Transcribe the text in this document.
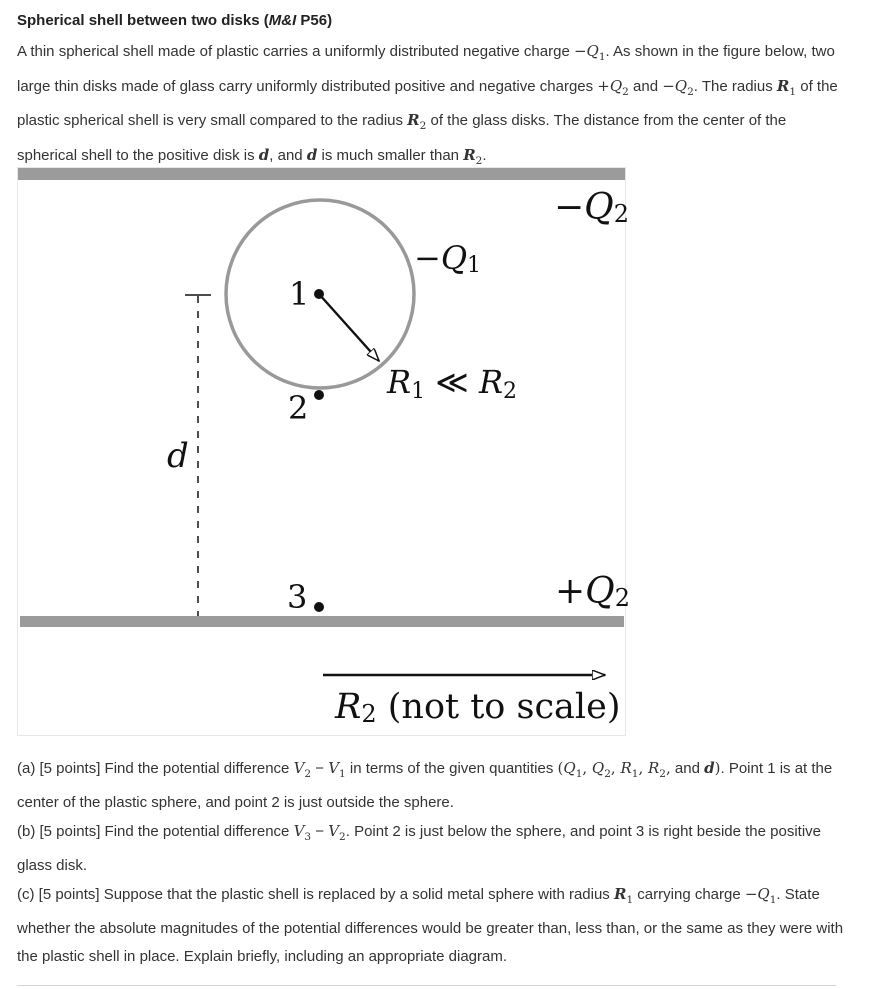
Spherical shell between two disks (M&I P56)
A thin spherical shell made of plastic carries a uniformly distributed negative charge $-Q_1$. As shown in the figure below, two large thin disks made of glass carry uniformly distributed positive and negative charges $+Q_2$ and $-Q_2$. The radius $R_1$ of the plastic spherical shell is very small compared to the radius $R_2$ of the glass disks. The distance from the center of the spherical shell to the positive disk is d, and d is much smaller than $R_2$.
−Q2
−Q1
1
2
3
R1 ≪ R2
d
+Q2
R2 (not to scale)
(a) [5 points] Find the potential difference $V_2 - V_1$ in terms of the given quantities ($Q_1$, $Q_2$, $R_1$, $R_2$, and d). Point 1 is at the center of the plastic sphere, and point 2 is just outside the sphere.
(b) [5 points] Find the potential difference $V_3 - V_2$. Point 2 is just below the sphere, and point 3 is right beside the positive glass disk.
(c) [5 points] Suppose that the plastic shell is replaced by a solid metal sphere with radius $R_1$ carrying charge $-Q_1$. State whether the absolute magnitudes of the potential differences would be greater than, less than, or the same as they were with the plastic shell in place. Explain briefly, including an appropriate diagram.
